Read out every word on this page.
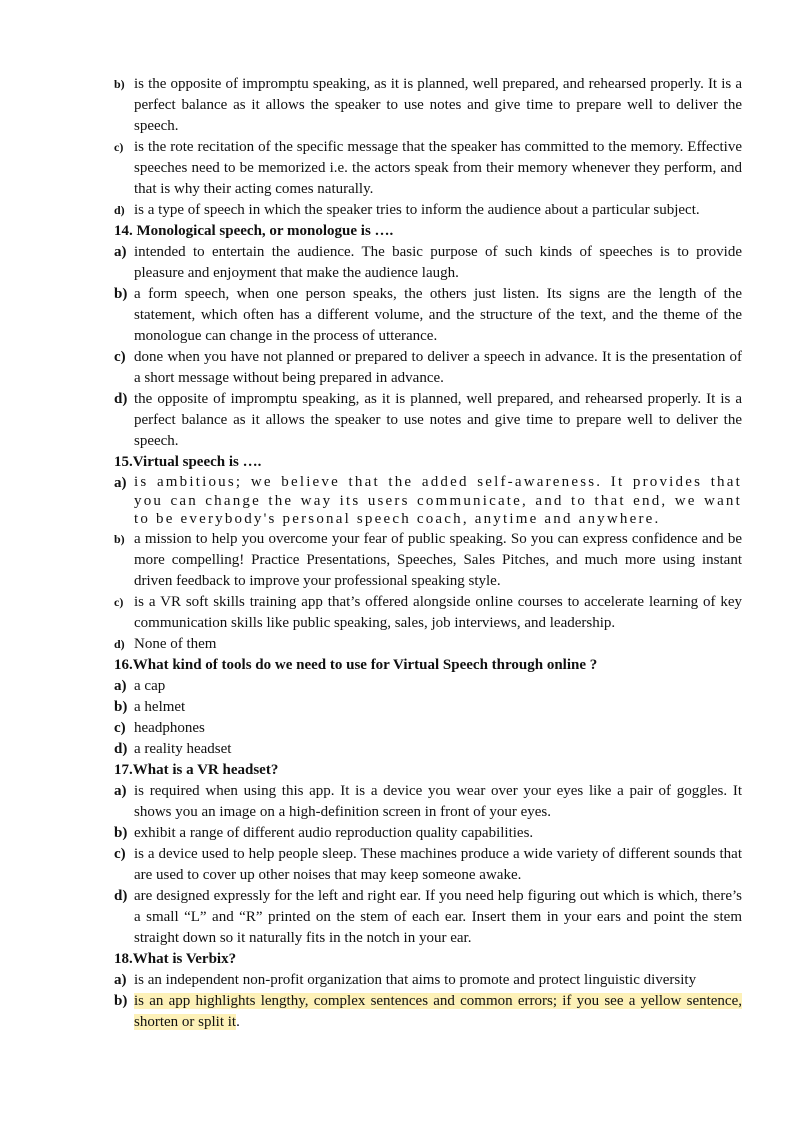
b) is the opposite of impromptu speaking, as it is planned, well prepared, and rehearsed properly. It is a perfect balance as it allows the speaker to use notes and give time to prepare well to deliver the speech.
c) is the rote recitation of the specific message that the speaker has committed to the memory. Effective speeches need to be memorized i.e. the actors speak from their memory whenever they perform, and that is why their acting comes naturally.
d) is a type of speech in which the speaker tries to inform the audience about a particular subject.
14. Monological speech, or monologue is ….
a) intended to entertain the audience. The basic purpose of such kinds of speeches is to provide pleasure and enjoyment that make the audience laugh.
b) a form speech, when one person speaks, the others just listen. Its signs are the length of the statement, which often has a different volume, and the structure of the text, and the theme of the monologue can change in the process of utterance.
c) done when you have not planned or prepared to deliver a speech in advance. It is the presentation of a short message without being prepared in advance.
d) the opposite of impromptu speaking, as it is planned, well prepared, and rehearsed properly. It is a perfect balance as it allows the speaker to use notes and give time to prepare well to deliver the speech.
15. Virtual speech is ….
a) is ambitious; we believe that the added self-awareness. It provides that you can change the way its users communicate, and to that end, we want to be everybody's personal speech coach, anytime and anywhere.
b) a mission to help you overcome your fear of public speaking. So you can express confidence and be more compelling! Practice Presentations, Speeches, Sales Pitches, and much more using instant driven feedback to improve your professional speaking style.
c) is a VR soft skills training app that’s offered alongside online courses to accelerate learning of key communication skills like public speaking, sales, job interviews, and leadership.
d) None of them
16. What kind of tools do we need to use for Virtual Speech through online ?
a) a cap
b) a helmet
c) headphones
d) a reality headset
17. What is a VR headset?
a) is required when using this app. It is a device you wear over your eyes like a pair of goggles. It shows you an image on a high-definition screen in front of your eyes.
b) exhibit a range of different audio reproduction quality capabilities.
c) is a device used to help people sleep. These machines produce a wide variety of different sounds that are used to cover up other noises that may keep someone awake.
d) are designed expressly for the left and right ear. If you need help figuring out which is which, there’s a small “L” and “R” printed on the stem of each ear. Insert them in your ears and point the stem straight down so it naturally fits in the notch in your ear.
18. What is Verbix?
a) is an independent non-profit organization that aims to promote and protect linguistic diversity
b) is an app highlights lengthy, complex sentences and common errors; if you see a yellow sentence, shorten or split it.
